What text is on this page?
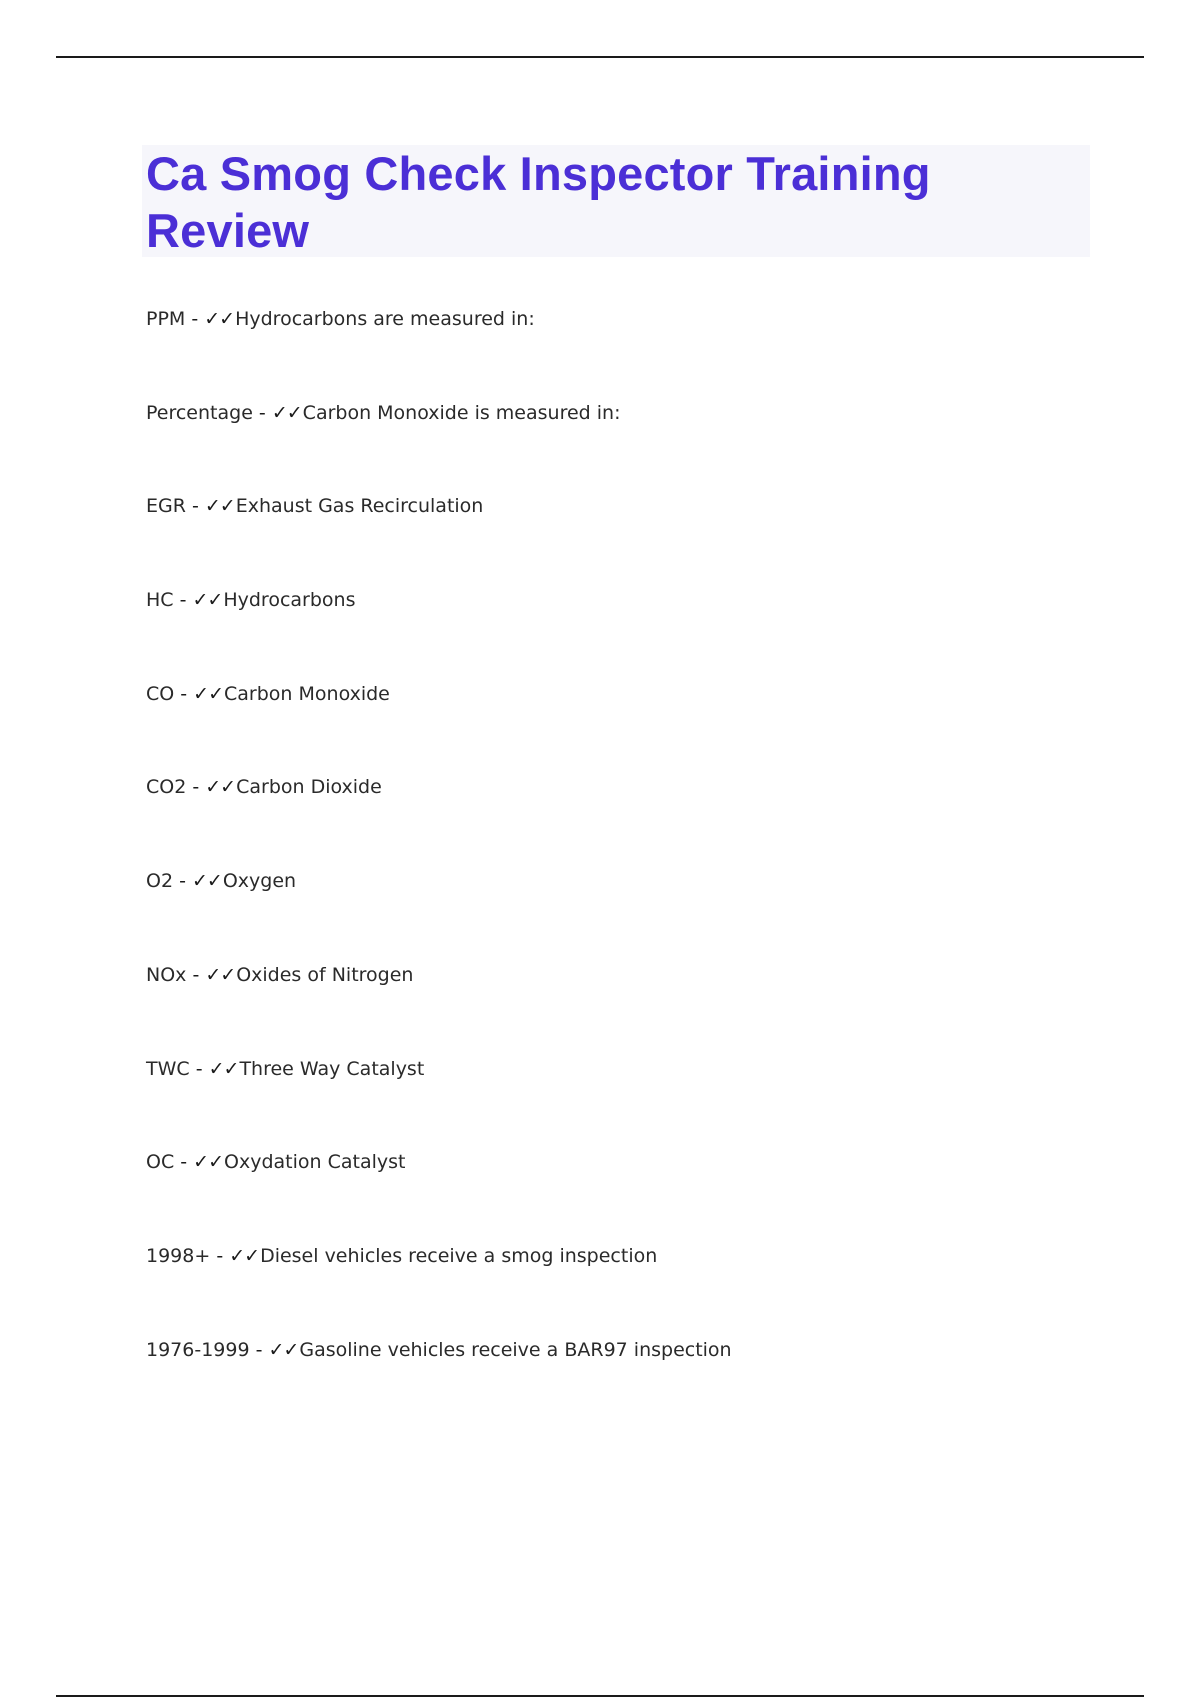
Ca Smog Check Inspector Training Review
PPM - ✓✓Hydrocarbons are measured in:
Percentage - ✓✓Carbon Monoxide is measured in:
EGR - ✓✓Exhaust Gas Recirculation
HC - ✓✓Hydrocarbons
CO - ✓✓Carbon Monoxide
CO2 - ✓✓Carbon Dioxide
O2 - ✓✓Oxygen
NOx - ✓✓Oxides of Nitrogen
TWC - ✓✓Three Way Catalyst
OC - ✓✓Oxydation Catalyst
1998+ - ✓✓Diesel vehicles receive a smog inspection
1976-1999 - ✓✓Gasoline vehicles receive a BAR97 inspection
